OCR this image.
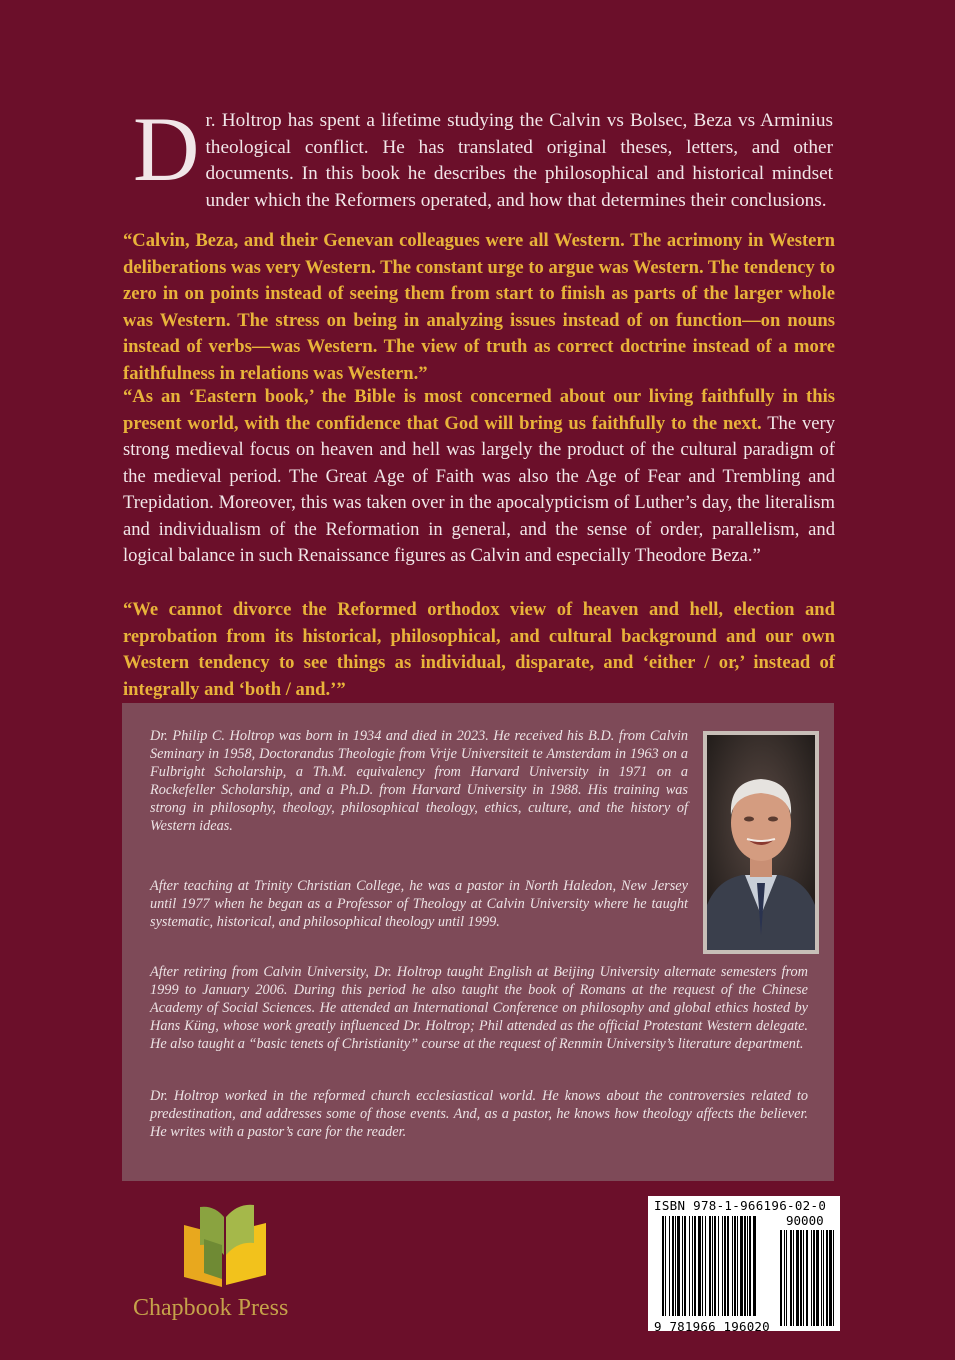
Dr. Holtrop has spent a lifetime studying the Calvin vs Bolsec, Beza vs Arminius theological conflict. He has translated original theses, letters, and other documents. In this book he describes the philosophical and historical mindset under which the Reformers operated, and how that determines their conclusions.

“Calvin, Beza, and their Genevan colleagues were all Western. The acrimony in Western deliberations was very Western. The constant urge to argue was Western. The tendency to zero in on points instead of seeing them from start to finish as parts of the larger whole was Western. The stress on being in analyzing issues instead of on function—on nouns instead of verbs—was Western. The view of truth as correct doctrine instead of a more faithfulness in relations was Western.”

“As an ‘Eastern book,’ the Bible is most concerned about our living faithfully in this present world, with the confidence that God will bring us faithfully to the next. The very strong medieval focus on heaven and hell was largely the product of the cultural paradigm of the medieval period. The Great Age of Faith was also the Age of Fear and Trembling and Trepidation. Moreover, this was taken over in the apocalypticism of Luther’s day, the literalism and individualism of the Reformation in general, and the sense of order, parallelism, and logical balance in such Renaissance figures as Calvin and especially Theodore Beza.”

“We cannot divorce the Reformed orthodox view of heaven and hell, election and reprobation from its historical, philosophical, and cultural background and our own Western tendency to see things as individual, disparate, and ‘either / or,’ instead of integrally and ‘both / and.’”

Dr. Philip C. Holtrop was born in 1934 and died in 2023. He received his B.D. from Calvin Seminary in 1958, Doctorandus Theologie from Vrije Universiteit te Amsterdam in 1963 on a Fulbright Scholarship, a Th.M. equivalency from Harvard University in 1971 on a Rockefeller Scholarship, and a Ph.D. from Harvard University in 1988. His training was strong in philosophy, theology, philosophical theology, ethics, culture, and the history of Western ideas.

After teaching at Trinity Christian College, he was a pastor in North Haledon, New Jersey until 1977 when he began as a Professor of Theology at Calvin University where he taught systematic, historical, and philosophical theology until 1999.

After retiring from Calvin University, Dr. Holtrop taught English at Beijing University alternate semesters from 1999 to January 2006. During this period he also taught the book of Romans at the request of the Chinese Academy of Social Sciences. He attended an International Conference on philosophy and global ethics hosted by Hans Küng, whose work greatly influenced Dr. Holtrop; Phil attended as the official Protestant Western delegate. He also taught a “basic tenets of Christianity” course at the request of Renmin University’s literature department.

Dr. Holtrop worked in the reformed church ecclesiastical world. He knows about the controversies related to predestination, and addresses some of those events. And, as a pastor, he knows how theology affects the believer. He writes with a pastor’s care for the reader.

Chapbook Press

ISBN 978-1-966196-02-0

90000

9 781966 196020
